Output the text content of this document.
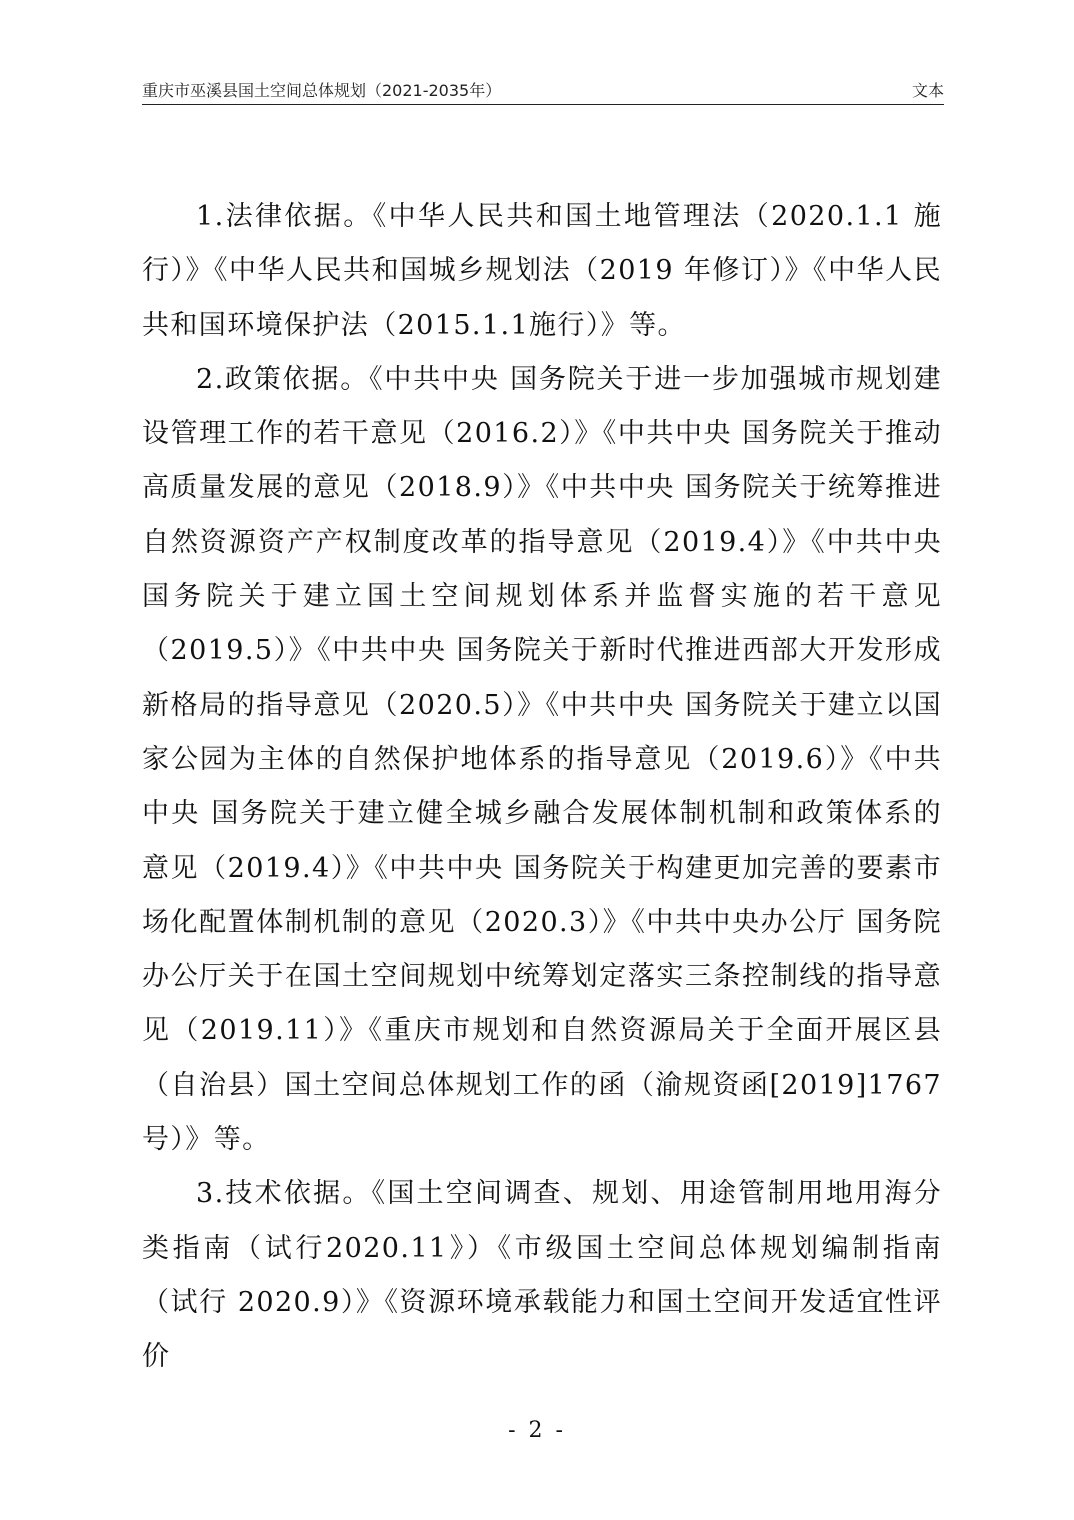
重庆市巫溪县国土空间总体规划（2021-2035年）	文本

1.法律依据。《中华人民共和国土地管理法（2020.1.1 施行）》《中华人民共和国城乡规划法（2019 年修订）》《中华人民共和国环境保护法（2015.1.1施行）》等。

2.政策依据。《中共中央 国务院关于进一步加强城市规划建设管理工作的若干意见（2016.2）》《中共中央 国务院关于推动高质量发展的意见（2018.9）》《中共中央 国务院关于统筹推进自然资源资产产权制度改革的指导意见（2019.4）》《中共中央 国务院关于建立国土空间规划体系并监督实施的若干意见（2019.5）》《中共中央 国务院关于新时代推进西部大开发形成新格局的指导意见（2020.5）》《中共中央 国务院关于建立以国家公园为主体的自然保护地体系的指导意见（2019.6）》《中共中央 国务院关于建立健全城乡融合发展体制机制和政策体系的意见（2019.4）》《中共中央 国务院关于构建更加完善的要素市场化配置体制机制的意见（2020.3）》《中共中央办公厅 国务院办公厅关于在国土空间规划中统筹划定落实三条控制线的指导意见（2019.11）》《重庆市规划和自然资源局关于全面开展区县（自治县）国土空间总体规划工作的函（渝规资函[2019]1767号）》等。

3.技术依据。《国土空间调查、规划、用途管制用地用海分类指南（试行2020.11》）《市级国土空间总体规划编制指南（试行 2020.9）》《资源环境承载能力和国土空间开发适宜性评价

- 2 -
